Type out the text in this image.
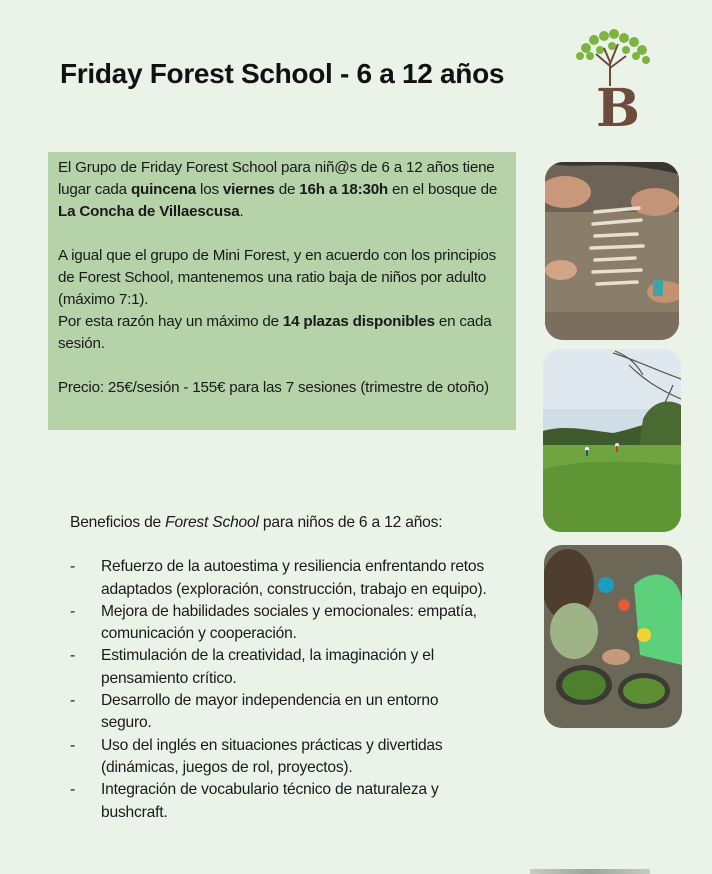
Friday Forest School - 6 a 12 años
B

El Grupo de Friday Forest School para niñ@s de 6 a 12 años tiene lugar cada quincena los viernes de 16h a 18:30h en el bosque de La Concha de Villaescusa.

A igual que el grupo de Mini Forest, y en acuerdo con los principios de Forest School, mantenemos una ratio baja de niños por adulto (máximo 7:1).

Por esta razón hay un máximo de 14 plazas disponibles en cada sesión.

Precio: 25€/sesión - 155€ para las 7 sesiones (trimestre de otoño)

Beneficios de Forest School para niños de 6 a 12 años:

- Refuerzo de la autoestima y resiliencia enfrentando retos adaptados (exploración, construcción, trabajo en equipo).
- Mejora de habilidades sociales y emocionales: empatía, comunicación y cooperación.
- Estimulación de la creatividad, la imaginación y el pensamiento crítico.
- Desarrollo de mayor independencia en un entorno seguro.
- Uso del inglés en situaciones prácticas y divertidas (dinámicas, juegos de rol, proyectos).
- Integración de vocabulario técnico de naturaleza y bushcraft.
